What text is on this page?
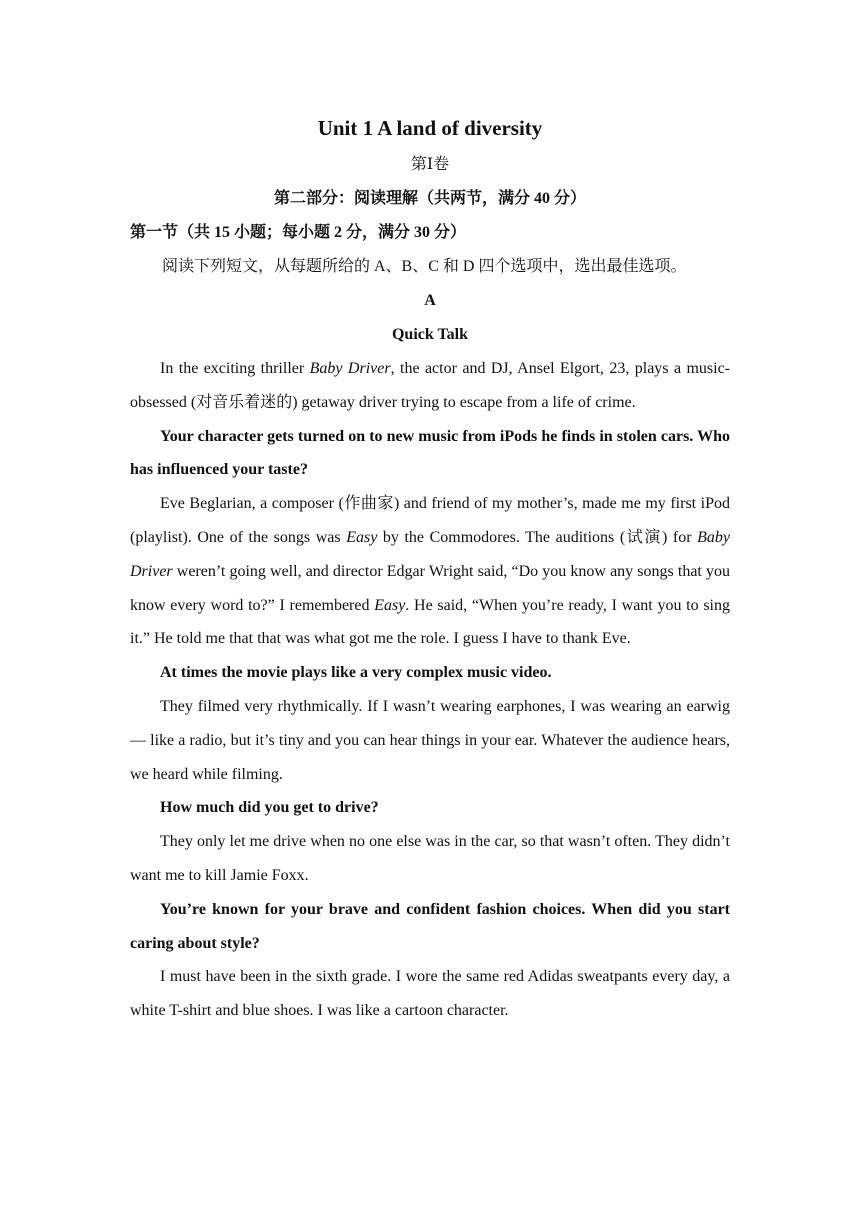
Unit 1 A land of diversity
第Ⅰ卷
第二部分：阅读理解（共两节，满分 40 分）
第一节（共 15 小题；每小题 2 分，满分 30 分）
阅读下列短文，从每题所给的 A、B、C 和 D 四个选项中，选出最佳选项。
A
Quick Talk

In the exciting thriller Baby Driver, the actor and DJ, Ansel Elgort, 23, plays a music-obsessed (对音乐着迷的) getaway driver trying to escape from a life of crime.

Your character gets turned on to new music from iPods he finds in stolen cars. Who has influenced your taste?

Eve Beglarian, a composer (作曲家) and friend of my mother’s, made me my first iPod (playlist). One of the songs was Easy by the Commodores. The auditions (试演) for Baby Driver weren’t going well, and director Edgar Wright said, “Do you know any songs that you know every word to?” I remembered Easy. He said, “When you’re ready, I want you to sing it.” He told me that that was what got me the role. I guess I have to thank Eve.

At times the movie plays like a very complex music video.

They filmed very rhythmically. If I wasn’t wearing earphones, I was wearing an earwig — like a radio, but it’s tiny and you can hear things in your ear. Whatever the audience hears, we heard while filming.

How much did you get to drive?

They only let me drive when no one else was in the car, so that wasn’t often. They didn’t want me to kill Jamie Foxx.

You’re known for your brave and confident fashion choices. When did you start caring about style?

I must have been in the sixth grade. I wore the same red Adidas sweatpants every day, a white T-shirt and blue shoes. I was like a cartoon character.
